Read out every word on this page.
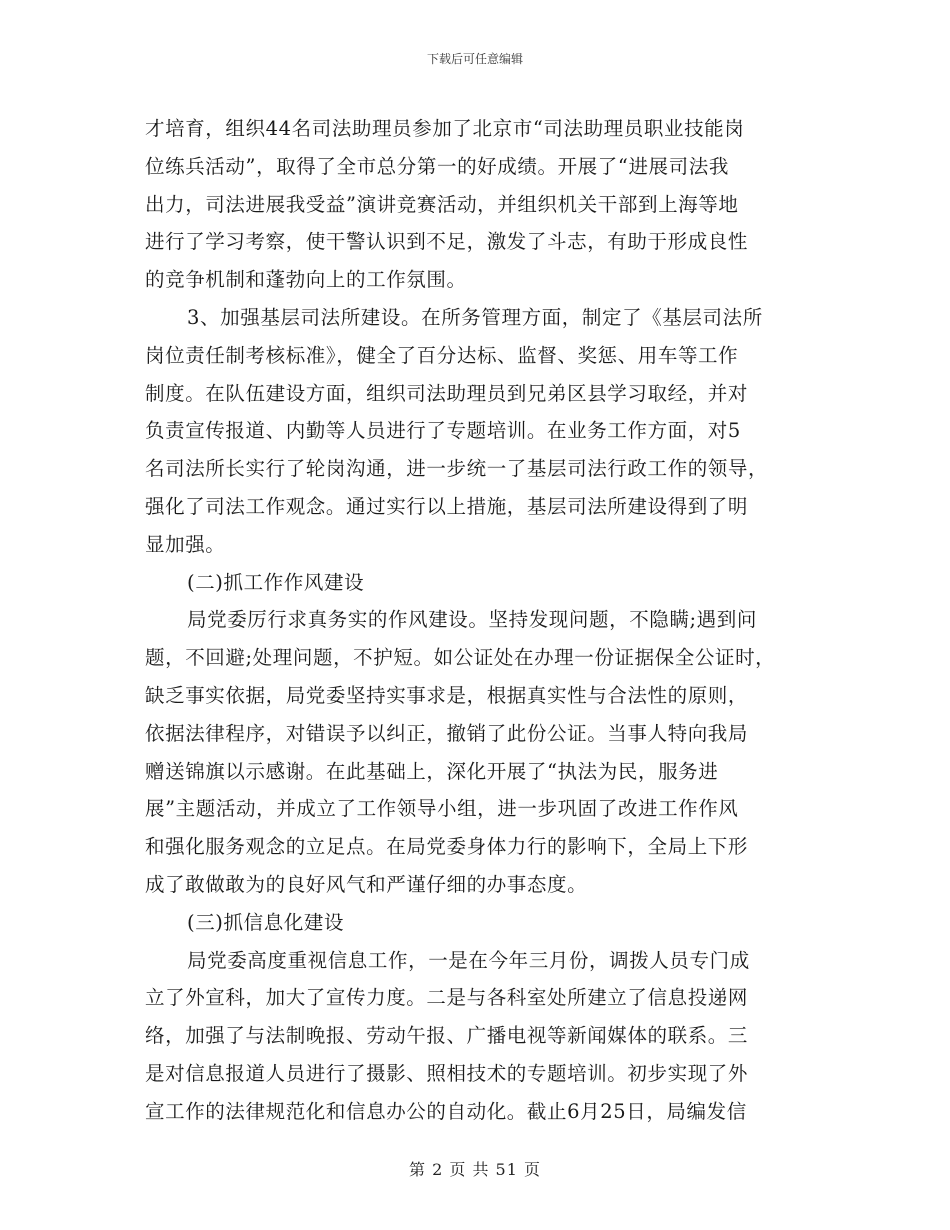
下载后可任意编辑
才培育，组织44名司法助理员参加了北京市“司法助理员职业技能岗
位练兵活动”，取得了全市总分第一的好成绩。开展了“进展司法我
出力，司法进展我受益”演讲竞赛活动，并组织机关干部到上海等地
进行了学习考察，使干警认识到不足，激发了斗志，有助于形成良性
的竞争机制和蓬勃向上的工作氛围。
3、加强基层司法所建设。在所务管理方面，制定了《基层司法所
岗位责任制考核标准》，健全了百分达标、监督、奖惩、用车等工作
制度。在队伍建设方面，组织司法助理员到兄弟区县学习取经，并对
负责宣传报道、内勤等人员进行了专题培训。在业务工作方面，对5
名司法所长实行了轮岗沟通，进一步统一了基层司法行政工作的领导，
强化了司法工作观念。通过实行以上措施，基层司法所建设得到了明
显加强。
(二)抓工作作风建设
局党委厉行求真务实的作风建设。坚持发现问题，不隐瞒;遇到问
题，不回避;处理问题，不护短。如公证处在办理一份证据保全公证时，
缺乏事实依据，局党委坚持实事求是，根据真实性与合法性的原则，
依据法律程序，对错误予以纠正，撤销了此份公证。当事人特向我局
赠送锦旗以示感谢。在此基础上，深化开展了“执法为民，服务进
展”主题活动，并成立了工作领导小组，进一步巩固了改进工作作风
和强化服务观念的立足点。在局党委身体力行的影响下，全局上下形
成了敢做敢为的良好风气和严谨仔细的办事态度。
(三)抓信息化建设
局党委高度重视信息工作，一是在今年三月份，调拨人员专门成
立了外宣科，加大了宣传力度。二是与各科室处所建立了信息投递网
络，加强了与法制晚报、劳动午报、广播电视等新闻媒体的联系。三
是对信息报道人员进行了摄影、照相技术的专题培训。初步实现了外
宣工作的法律规范化和信息办公的自动化。截止6月25日，局编发信
第 2 页 共 51 页
